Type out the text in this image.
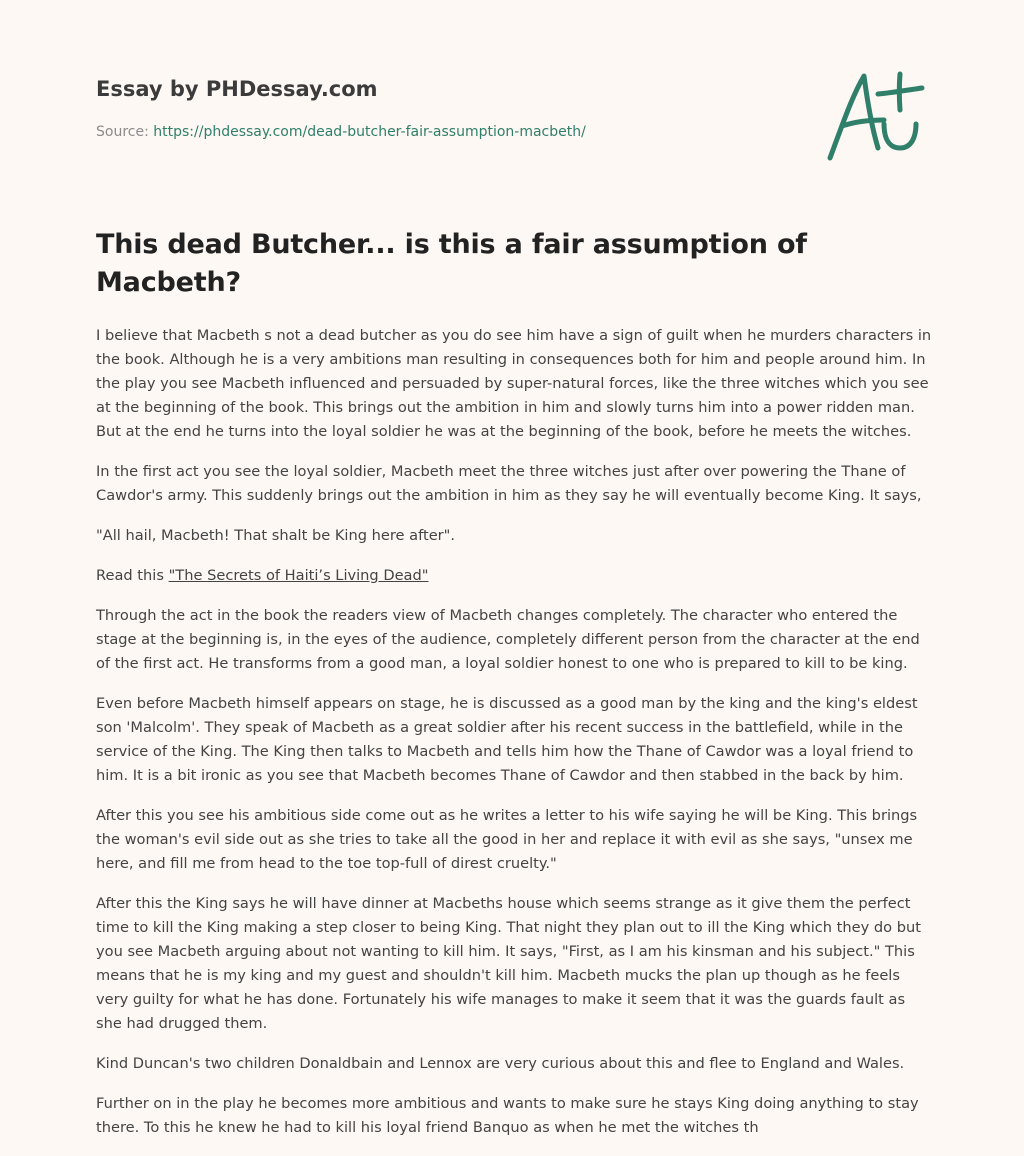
Essay by PHDessay.com
Source: https://phdessay.com/dead-butcher-fair-assumption-macbeth/
This dead Butcher... is this a fair assumption of Macbeth?

I believe that Macbeth s not a dead butcher as you do see him have a sign of guilt when he murders characters in the book. Although he is a very ambitions man resulting in consequences both for him and people around him. In the play you see Macbeth influenced and persuaded by super-natural forces, like the three witches which you see at the beginning of the book. This brings out the ambition in him and slowly turns him into a power ridden man. But at the end he turns into the loyal soldier he was at the beginning of the book, before he meets the witches.

In the first act you see the loyal soldier, Macbeth meet the three witches just after over powering the Thane of Cawdor's army. This suddenly brings out the ambition in him as they say he will eventually become King. It says,

"All hail, Macbeth! That shalt be King here after".

Read this "The Secrets of Haiti’s Living Dead"

Through the act in the book the readers view of Macbeth changes completely. The character who entered the stage at the beginning is, in the eyes of the audience, completely different person from the character at the end of the first act. He transforms from a good man, a loyal soldier honest to one who is prepared to kill to be king.

Even before Macbeth himself appears on stage, he is discussed as a good man by the king and the king's eldest son 'Malcolm'. They speak of Macbeth as a great soldier after his recent success in the battlefield, while in the service of the King. The King then talks to Macbeth and tells him how the Thane of Cawdor was a loyal friend to him. It is a bit ironic as you see that Macbeth becomes Thane of Cawdor and then stabbed in the back by him.

After this you see his ambitious side come out as he writes a letter to his wife saying he will be King. This brings the woman's evil side out as she tries to take all the good in her and replace it with evil as she says, "unsex me here, and fill me from head to the toe top-full of direst cruelty."

After this the King says he will have dinner at Macbeths house which seems strange as it give them the perfect time to kill the King making a step closer to being King. That night they plan out to ill the King which they do but you see Macbeth arguing about not wanting to kill him. It says, "First, as I am his kinsman and his subject." This means that he is my king and my guest and shouldn't kill him. Macbeth mucks the plan up though as he feels very guilty for what he has done. Fortunately his wife manages to make it seem that it was the guards fault as she had drugged them.

Kind Duncan's two children Donaldbain and Lennox are very curious about this and flee to England and Wales.

Further on in the play he becomes more ambitious and wants to make sure he stays King doing anything to stay there. To this he knew he had to kill his loyal friend Banquo as when he met the witches th
